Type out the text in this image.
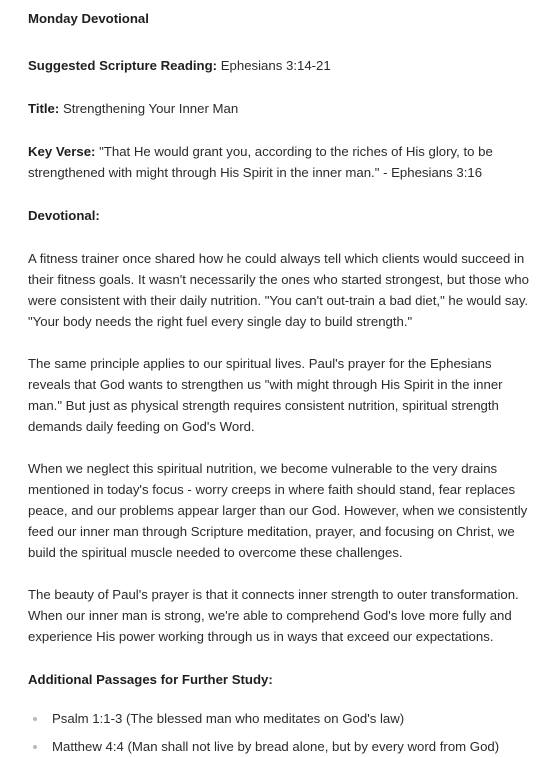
Monday Devotional

Suggested Scripture Reading: Ephesians 3:14-21

Title: Strengthening Your Inner Man

Key Verse: "That He would grant you, according to the riches of His glory, to be strengthened with might through His Spirit in the inner man." - Ephesians 3:16

Devotional:

A fitness trainer once shared how he could always tell which clients would succeed in their fitness goals. It wasn't necessarily the ones who started strongest, but those who were consistent with their daily nutrition. "You can't out-train a bad diet," he would say. "Your body needs the right fuel every single day to build strength."

The same principle applies to our spiritual lives. Paul's prayer for the Ephesians reveals that God wants to strengthen us "with might through His Spirit in the inner man." But just as physical strength requires consistent nutrition, spiritual strength demands daily feeding on God's Word.

When we neglect this spiritual nutrition, we become vulnerable to the very drains mentioned in today's focus - worry creeps in where faith should stand, fear replaces peace, and our problems appear larger than our God. However, when we consistently feed our inner man through Scripture meditation, prayer, and focusing on Christ, we build the spiritual muscle needed to overcome these challenges.

The beauty of Paul's prayer is that it connects inner strength to outer transformation. When our inner man is strong, we're able to comprehend God's love more fully and experience His power working through us in ways that exceed our expectations.

Additional Passages for Further Study:

Psalm 1:1-3 (The blessed man who meditates on God's law)
Matthew 4:4 (Man shall not live by bread alone, but by every word from God)
